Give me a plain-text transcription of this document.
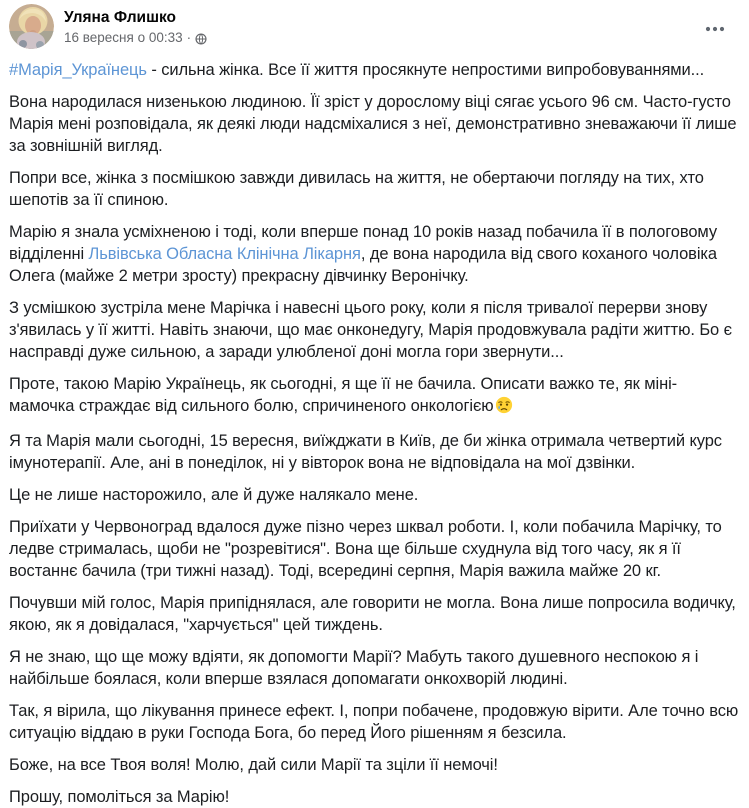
Уляна Флишко
16 вересня о 00:33 ·

#Марія_Українець - сильна жінка. Все її життя просякнуте непростими випробовуваннями...

Вона народилася низенькою людиною. Її зріст у дорослому віці сягає усього 96 см. Часто-густо Марія мені розповідала, як деякі люди надсміхалися з неї, демонстративно зневажаючи її лише за зовнішній вигляд.

Попри все, жінка з посмішкою завжди дивилась на життя, не обертаючи погляду на тих, хто шепотів за її спиною.

Марію я знала усміхненою і тоді, коли вперше понад 10 років назад побачила її в пологовому відділенні Львівська Обласна Клінічна Лікарня, де вона народила від свого коханого чоловіка Олега (майже 2 метри зросту) прекрасну дівчинку Веронічку.

З усмішкою зустріла мене Марічка і навесні цього року, коли я після тривалої перерви знову з'явилась у її житті. Навіть знаючи, що має онконедугу, Марія продовжувала радіти життю. Бо є насправді дуже сильною, а заради улюбленої доні могла гори звернути...

Проте, такою Марію Українець, як сьогодні, я ще її не бачила. Описати важко те, як міні-мамочка страждає від сильного болю, спричиненого онкологією

Я та Марія мали сьогодні, 15 вересня, виїжджати в Київ, де би жінка отримала четвертий курс імунотерапії. Але, ані в понеділок, ні у вівторок вона не відповідала на мої дзвінки.

Це не лише насторожило, але й дуже налякало мене.

Приїхати у Червоноград вдалося дуже пізно через шквал роботи. І, коли побачила Марічку, то ледве стрималась, щоби не "розревітися". Вона ще більше схуднула від того часу, як я її востаннє бачила (три тижні назад). Тоді, всередині серпня, Марія важила майже 20 кг.

Почувши мій голос, Марія припіднялася, але говорити не могла. Вона лише попросила водичку, якою, як я довідалася, "харчується" цей тиждень.

Я не знаю, що ще можу вдіяти, як допомогти Марії? Мабуть такого душевного неспокою я і найбільше боялася, коли вперше взялася допомагати онкохворій людині.

Так, я вірила, що лікування принесе ефект. І, попри побачене, продовжую вірити. Але точно всю ситуацію віддаю в руки Господа Бога, бо перед Його рішенням я безсила.

Боже, на все Твоя воля! Молю, дай сили Марії та зціли її немочі!

Прошу, помоліться за Марію!
